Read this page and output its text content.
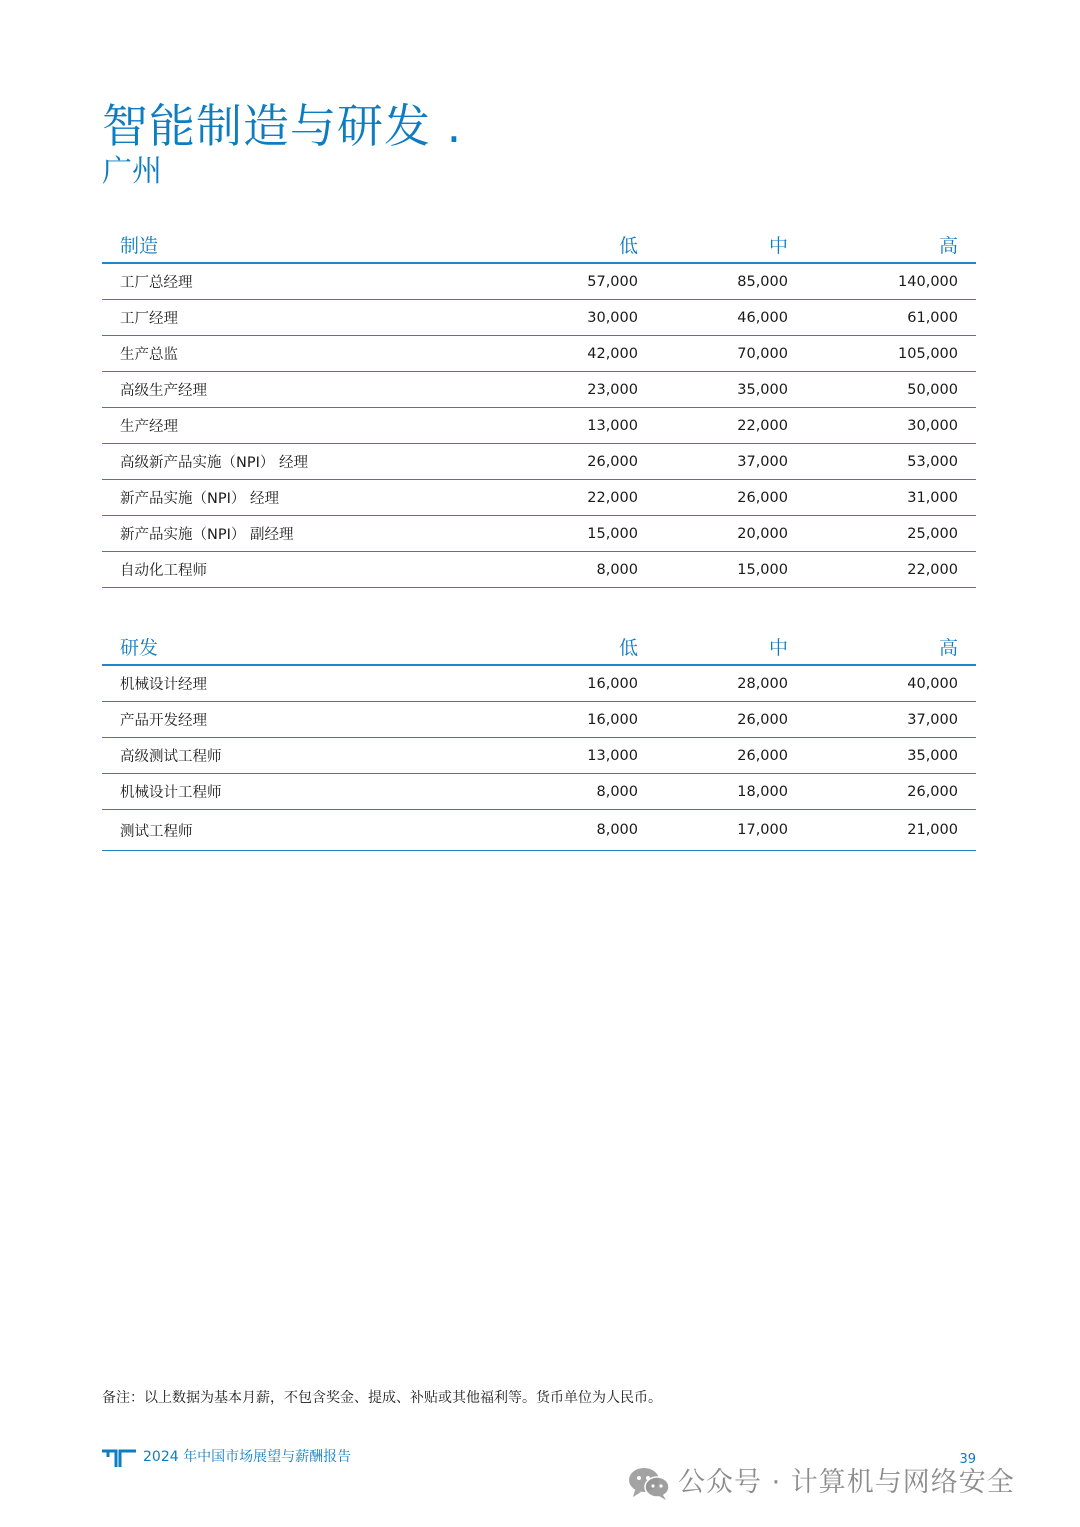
智能制造与研发 .
广州
制造	低	中	高
工厂总经理	57,000	85,000	140,000
工厂经理	30,000	46,000	61,000
生产总监	42,000	70,000	105,000
高级生产经理	23,000	35,000	50,000
生产经理	13,000	22,000	30,000
高级新产品实施（NPI） 经理	26,000	37,000	53,000
新产品实施（NPI） 经理	22,000	26,000	31,000
新产品实施（NPI） 副经理	15,000	20,000	25,000
自动化工程师	8,000	15,000	22,000
研发	低	中	高
机械设计经理	16,000	28,000	40,000
产品开发经理	16,000	26,000	37,000
高级测试工程师	13,000	26,000	35,000
机械设计工程师	8,000	18,000	26,000
测试工程师	8,000	17,000	21,000
备注：以上数据为基本月薪，不包含奖金、提成、补贴或其他福利等。货币单位为人民币。
2024 年中国市场展望与薪酬报告	39
公众号 · 计算机与网络安全
